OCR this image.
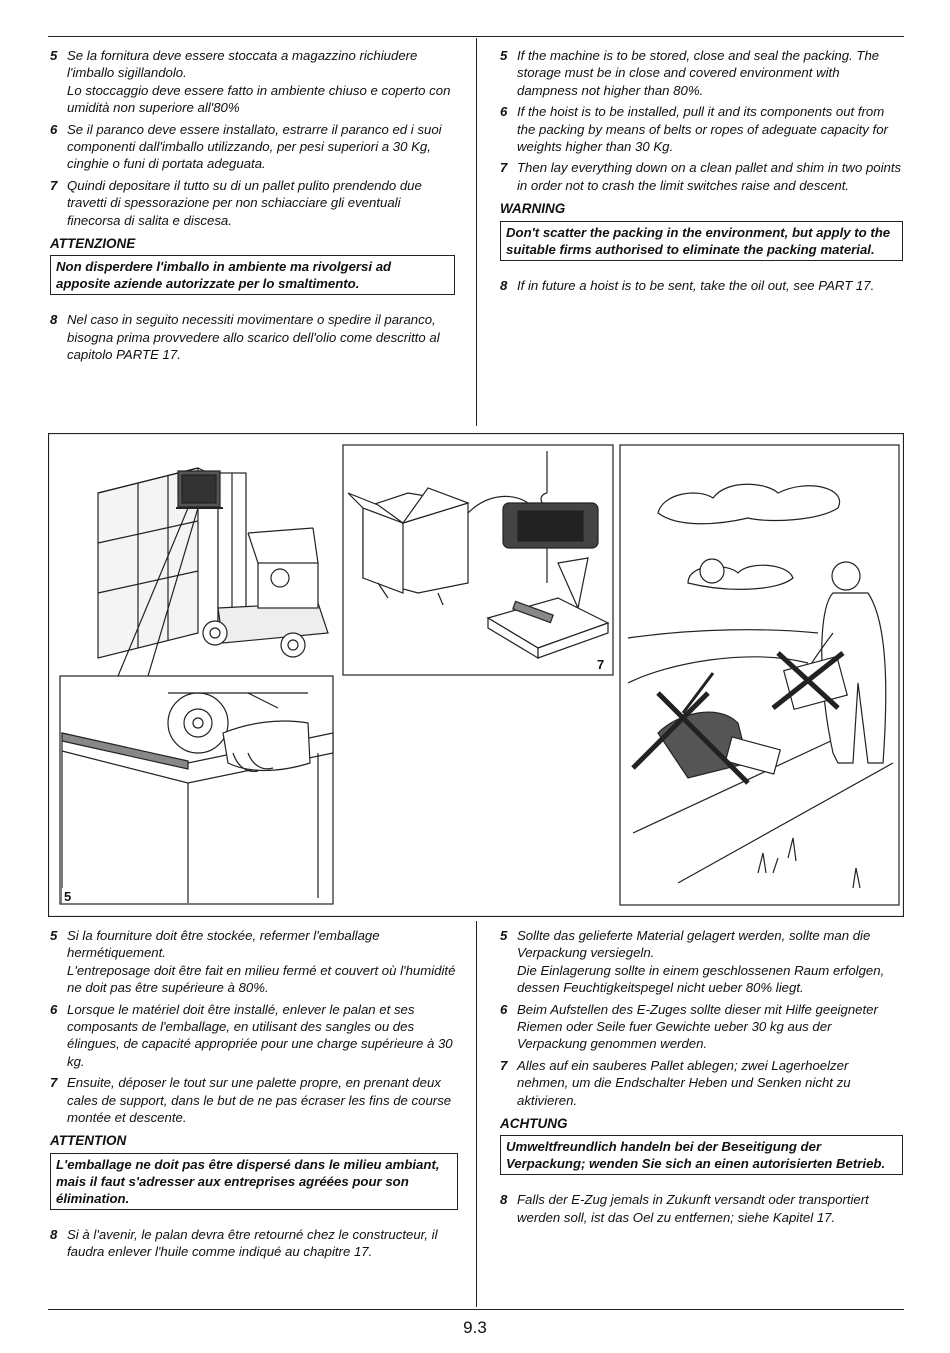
5 Se la fornitura deve essere stoccata a magazzino richiudere l'imballo sigillandolo.
Lo stoccaggio deve essere fatto in ambiente chiuso e coperto con umidità non superiore all'80%
6 Se il paranco deve essere installato, estrarre il paranco ed i suoi componenti dall'imballo utilizzando, per pesi superiori a 30 Kg, cinghie o funi di portata adeguata.
7 Quindi depositare il tutto su di un pallet pulito prendendo due travetti di spessorazione per non schiacciare gli eventuali finecorsa di salita e discesa.
ATTENZIONE
Non disperdere l'imballo in ambiente ma rivolgersi ad apposite aziende autorizzate per lo smaltimento.
8 Nel caso in seguito necessiti movimentare o spedire il paranco, bisogna prima provvedere allo scarico dell'olio come descritto al capitolo PARTE 17.
5 If the machine is to be stored, close and seal the packing. The storage must be in close and covered environment with dampness not higher than 80%.
6 If the hoist is to be installed, pull it and its components out from the packing by means of belts or ropes of adeguate capacity for weights higher than 30 Kg.
7 Then lay everything down on a clean pallet and shim in two points in order not to crash the limit switches raise and descent.
WARNING
Don't scatter the packing in the environment, but apply to the suitable firms authorised to eliminate the packing material.
8 If in future a hoist is to be sent, take the oil out, see PART 17.
5
7
5 Si la fourniture doit être stockée, refermer l'emballage hermétiquement.
L'entreposage doit être fait en milieu fermé et couvert où l'humidité ne doit pas être supérieure à 80%.
6 Lorsque le matériel doit être installé, enlever le palan et ses composants de l'emballage, en utilisant des sangles ou des élingues, de capacité appropriée pour une charge supérieure à 30 kg.
7 Ensuite, déposer le tout sur une palette propre, en prenant deux cales de support, dans le but de ne pas écraser les fins de course montée et descente.
ATTENTION
L'emballage ne doit pas être dispersé dans le milieu ambiant, mais il faut s'adresser aux entreprises agréées pour son élimination.
8 Si à l'avenir, le palan devra être retourné chez le constructeur, il faudra enlever l'huile comme indiqué au chapitre 17.
5 Sollte das gelieferte Material gelagert werden, sollte man die Verpackung versiegeln.
Die Einlagerung sollte in einem geschlossenen Raum erfolgen, dessen Feuchtigkeitspegel nicht ueber 80% liegt.
6 Beim Aufstellen des E-Zuges sollte dieser mit Hilfe geeigneter Riemen oder Seile fuer Gewichte ueber 30 kg aus der Verpackung genommen werden.
7 Alles auf ein sauberes Pallet ablegen; zwei Lagerhoelzer nehmen, um die Endschalter Heben und Senken nicht zu aktivieren.
ACHTUNG
Umweltfreundlich handeln bei der Beseitigung der Verpackung; wenden Sie sich an einen autorisierten Betrieb.
8 Falls der E-Zug jemals in Zukunft versandt oder transportiert werden soll, ist das Oel zu entfernen; siehe Kapitel 17.
9.3
